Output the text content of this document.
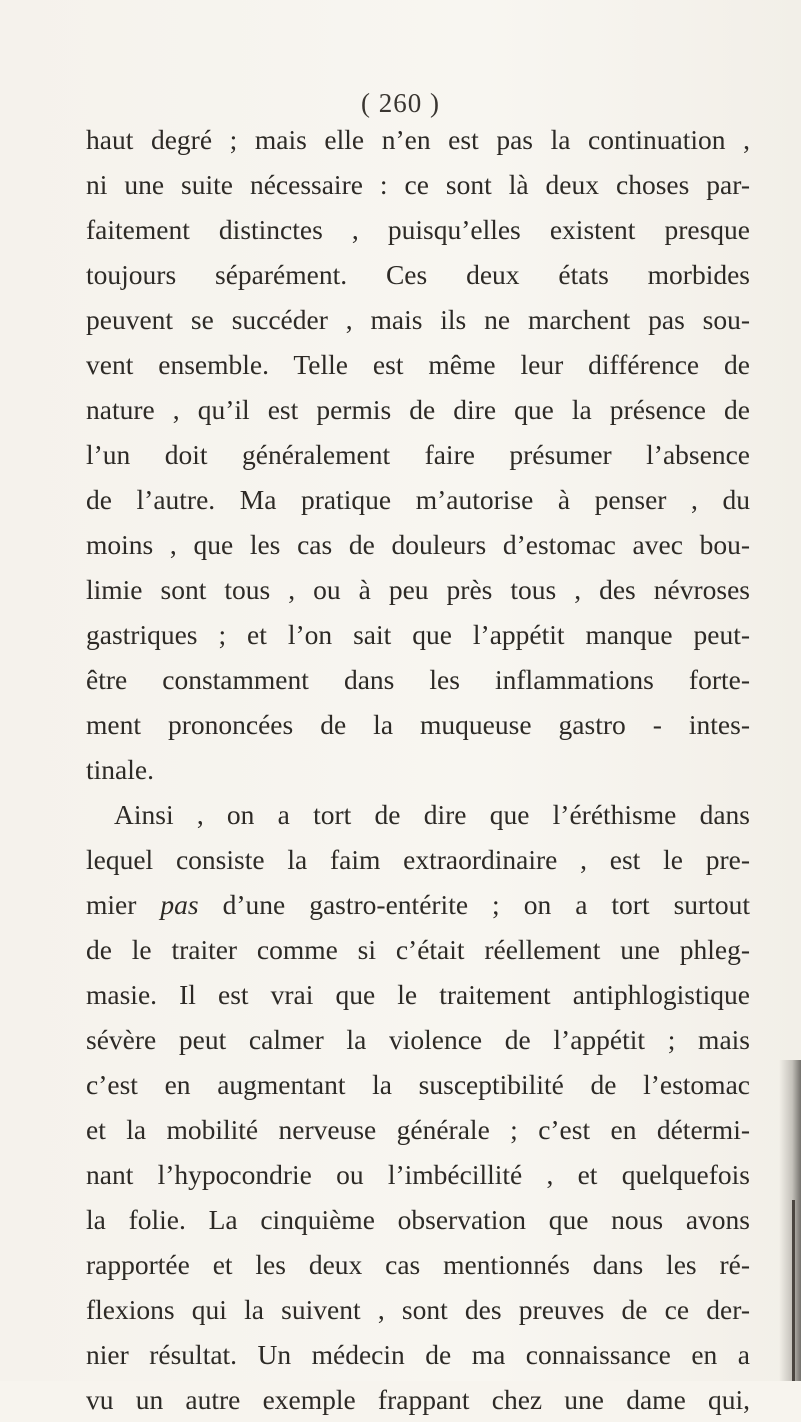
( 260 )
haut degré ; mais elle n’en est pas la continuation ,
ni une suite nécessaire : ce sont là deux choses par-
faitement distinctes , puisqu’elles existent presque
toujours séparément. Ces deux états morbides
peuvent se succéder , mais ils ne marchent pas sou-
vent ensemble. Telle est même leur différence de
nature , qu’il est permis de dire que la présence de
l’un doit généralement faire présumer l’absence
de l’autre. Ma pratique m’autorise à penser , du
moins , que les cas de douleurs d’estomac avec bou-
limie sont tous , ou à peu près tous , des névroses
gastriques ; et l’on sait que l’appétit manque peut-
être constamment dans les inflammations forte-
ment prononcées de la muqueuse gastro - intes-
tinale.
Ainsi , on a tort de dire que l’éréthisme dans
lequel consiste la faim extraordinaire , est le pre-
mier pas d’une gastro-entérite ; on a tort surtout
de le traiter comme si c’était réellement une phleg-
masie. Il est vrai que le traitement antiphlogistique
sévère peut calmer la violence de l’appétit ; mais
c’est en augmentant la susceptibilité de l’estomac
et la mobilité nerveuse générale ; c’est en détermi-
nant l’hypocondrie ou l’imbécillité , et quelquefois
la folie. La cinquième observation que nous avons
rapportée et les deux cas mentionnés dans les ré-
flexions qui la suivent , sont des preuves de ce der-
nier résultat. Un médecin de ma connaissance en a
vu un autre exemple frappant chez une dame qui,
